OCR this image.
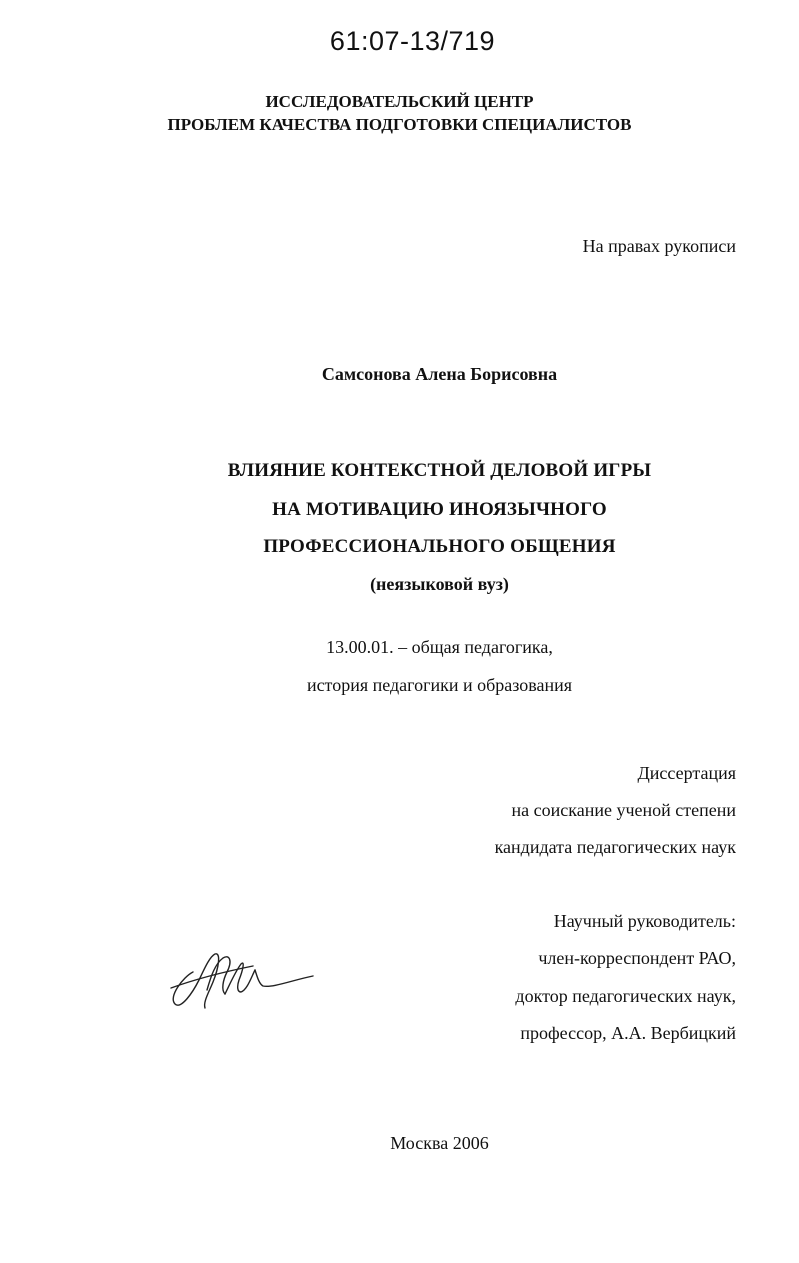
61:07-13/719
ИССЛЕДОВАТЕЛЬСКИЙ ЦЕНТР
ПРОБЛЕМ КАЧЕСТВА ПОДГОТОВКИ СПЕЦИАЛИСТОВ
На правах рукописи
Самсонова Алена Борисовна
ВЛИЯНИЕ КОНТЕКСТНОЙ ДЕЛОВОЙ ИГРЫ
НА МОТИВАЦИЮ ИНОЯЗЫЧНОГО
ПРОФЕССИОНАЛЬНОГО ОБЩЕНИЯ
(неязыковой вуз)
13.00.01. – общая педагогика,
история педагогики и образования
Диссертация
на соискание ученой степени
кандидата педагогических наук
Научный руководитель:
член-корреспондент РАО,
доктор педагогических наук,
профессор, А.А. Вербицкий
Москва 2006
